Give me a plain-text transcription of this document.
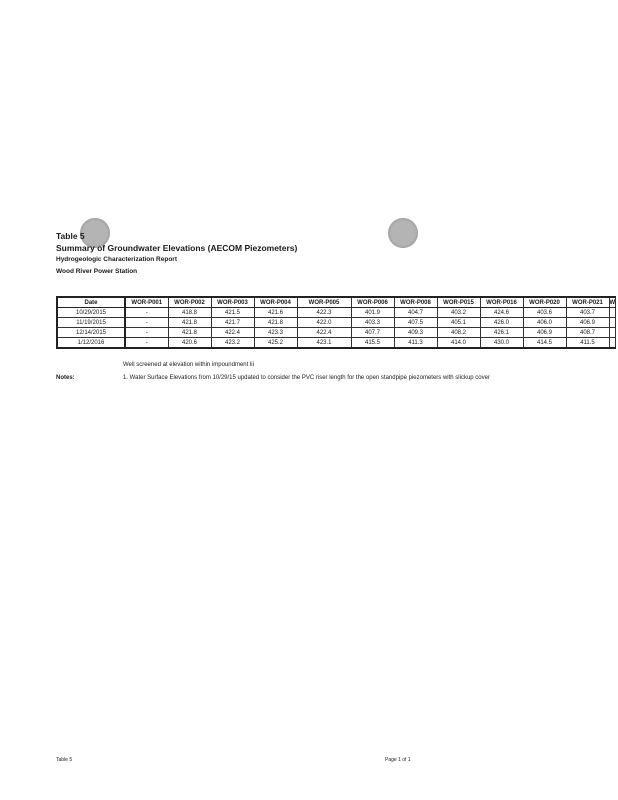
Table 5
Summary of Groundwater Elevations (AECOM Piezometers)
Hydrogeologic Characterization Report
Wood River Power Station
Date	WOR-P001	WOR-P002	WOR-P003	WOR-P004	WOR-P005	WOR-P006	WOR-P008	WOR-P015	WOR-P016	WOR-P020	WOR-P021	W
10/29/2015	-	418.8	421.5	421.6	422.3	401.9	404.7	403.2	424.6	403.6	403.7	
11/19/2015	-	421.8	421.7	421.8	422.0	403.3	407.5	405.1	426.0	406.0	406.9	
12/14/2015	-	421.8	422.4	423.3	422.4	407.7	409.3	408.2	426.1	406.9	408.7	
1/12/2016	-	420.6	423.2	425.2	423.1	415.5	411.3	414.0	430.0	414.5	411.5	
Well screened at elevation within impoundment lii
Notes:	1. Water Surface Elevations from 10/29/15 updated to consider the PVC riser length for the open standpipe piezometers with slickup cover
Table 5	Page 1 of 1
